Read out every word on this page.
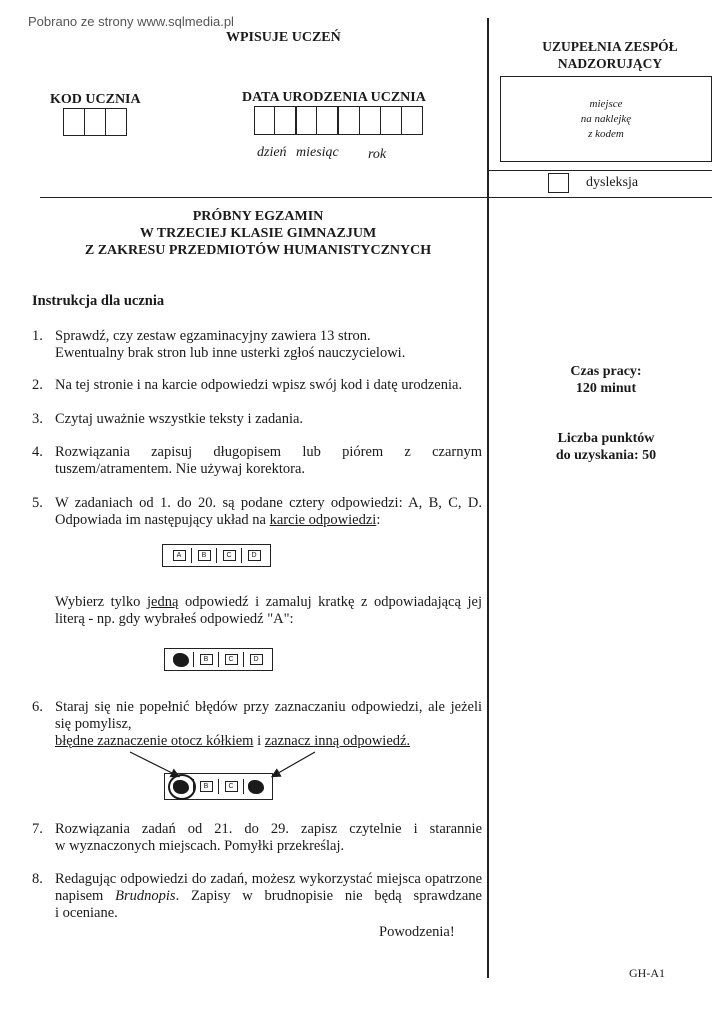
Pobrano ze strony www.sqlmedia.pl
WPISUJE UCZEŃ
KOD UCZNIA	DATA URODZENIA UCZNIA
dzień miesiąc rok
UZUPEŁNIA ZESPÓŁ
NADZORUJĄCY
miejsce
na naklejkę
z kodem
dysleksja
PRÓBNY EGZAMIN
W TRZECIEJ KLASIE GIMNAZJUM
Z ZAKRESU PRZEDMIOTÓW HUMANISTYCZNYCH
Instrukcja dla ucznia
1. Sprawdź, czy zestaw egzaminacyjny zawiera 13 stron.
Ewentualny brak stron lub inne usterki zgłoś nauczycielowi.
2. Na tej stronie i na karcie odpowiedzi wpisz swój kod i datę urodzenia.
3. Czytaj uważnie wszystkie teksty i zadania.
4. Rozwiązania zapisuj długopisem lub piórem z czarnym
tuszem/atramentem. Nie używaj korektora.
5. W zadaniach od 1. do 20. są podane cztery odpowiedzi: A, B, C, D.
Odpowiada im następujący układ na karcie odpowiedzi:
A	B	C	D
Wybierz tylko jedną odpowiedź i zamaluj kratkę z odpowiadającą jej
literą - np. gdy wybrałeś odpowiedź "A":
B	C	D
6. Staraj się nie popełnić błędów przy zaznaczaniu odpowiedzi, ale jeżeli
się pomylisz,
błędne zaznaczenie otocz kółkiem i zaznacz inną odpowiedź.
B	C
7. Rozwiązania zadań od 21. do 29. zapisz czytelnie i starannie
w wyznaczonych miejscach. Pomyłki przekreślaj.
8. Redagując odpowiedzi do zadań, możesz wykorzystać miejsca opatrzone
napisem Brudnopis. Zapisy w brudnopisie nie będą sprawdzane
i oceniane.
Powodzenia!
Czas pracy:
120 minut
Liczba punktów
do uzyskania: 50
GH-A1
